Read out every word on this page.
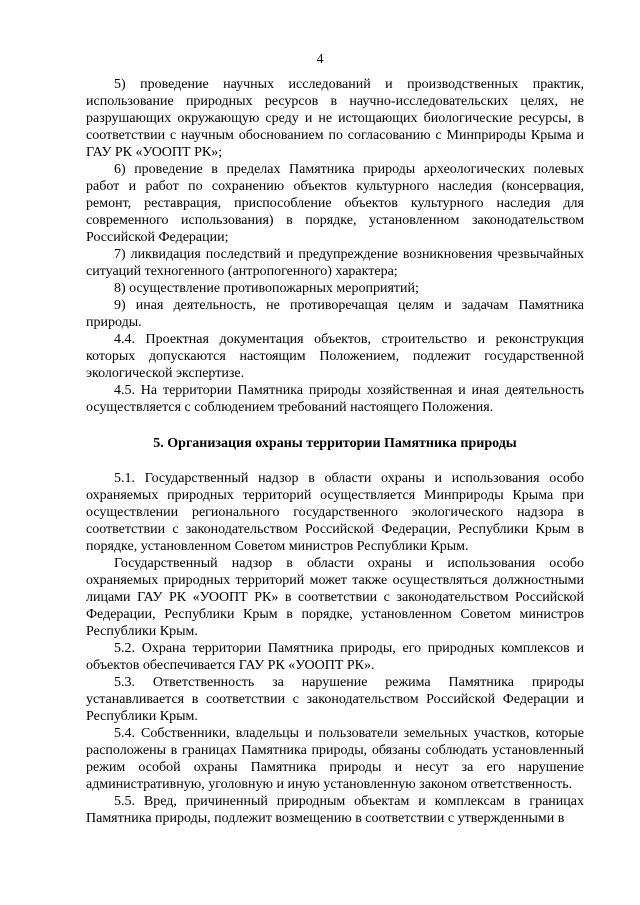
4

5) проведение научных исследований и производственных практик, использование природных ресурсов в научно-исследовательских целях, не разрушающих окружающую среду и не истощающих биологические ресурсы, в соответствии с научным обоснованием по согласованию с Минприроды Крыма и ГАУ РК «УООПТ РК»;

6) проведение в пределах Памятника природы археологических полевых работ и работ по сохранению объектов культурного наследия (консервация, ремонт, реставрация, приспособление объектов культурного наследия для современного использования) в порядке, установленном законодательством Российской Федерации;

7) ликвидация последствий и предупреждение возникновения чрезвычайных ситуаций техногенного (антропогенного) характера;

8) осуществление противопожарных мероприятий;

9) иная деятельность, не противоречащая целям и задачам Памятника природы.

4.4. Проектная документация объектов, строительство и реконструкция которых допускаются настоящим Положением, подлежит государственной экологической экспертизе.

4.5. На территории Памятника природы хозяйственная и иная деятельность осуществляется с соблюдением требований настоящего Положения.

5. Организация охраны территории Памятника природы

5.1. Государственный надзор в области охраны и использования особо охраняемых природных территорий осуществляется Минприроды Крыма при осуществлении регионального государственного экологического надзора в соответствии с законодательством Российской Федерации, Республики Крым в порядке, установленном Советом министров Республики Крым.

Государственный надзор в области охраны и использования особо охраняемых природных территорий может также осуществляться должностными лицами ГАУ РК «УООПТ РК» в соответствии с законодательством Российской Федерации, Республики Крым в порядке, установленном Советом министров Республики Крым.

5.2. Охрана территории Памятника природы, его природных комплексов и объектов обеспечивается ГАУ РК «УООПТ РК».

5.3. Ответственность за нарушение режима Памятника природы устанавливается в соответствии с законодательством Российской Федерации и Республики Крым.

5.4. Собственники, владельцы и пользователи земельных участков, которые расположены в границах Памятника природы, обязаны соблюдать установленный режим особой охраны Памятника природы и несут за его нарушение административную, уголовную и иную установленную законом ответственность.

5.5. Вред, причиненный природным объектам и комплексам в границах Памятника природы, подлежит возмещению в соответствии с утвержденными в
